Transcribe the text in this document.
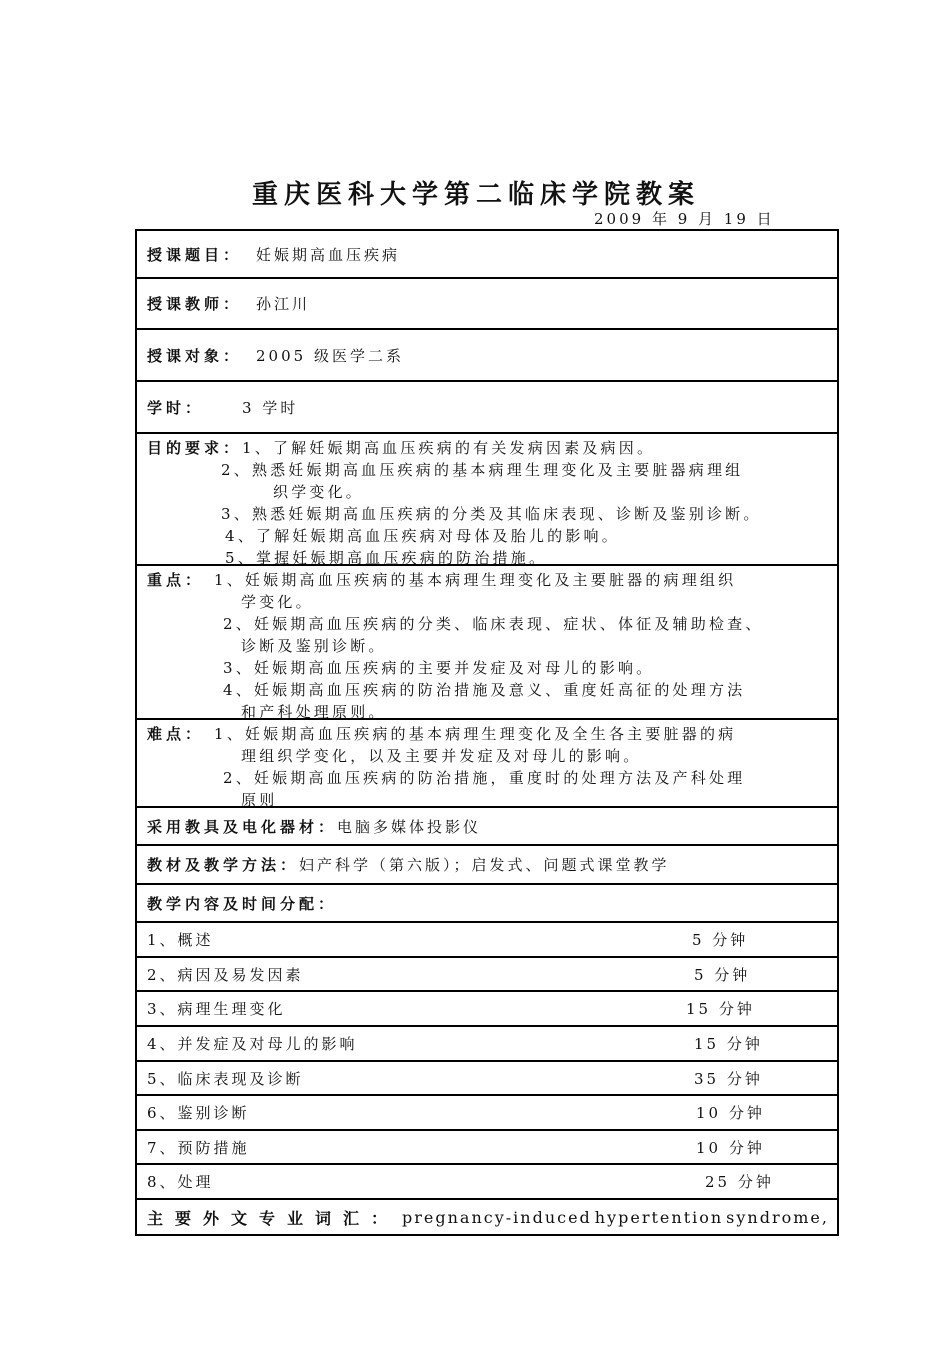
重庆医科大学第二临床学院教案
2009 年 9 月 19 日
授课题目： 妊娠期高血压疾病
授课教师： 孙江川
授课对象： 2005 级医学二系
学时：	3 学时
目的要求：1、了解妊娠期高血压疾病的有关发病因素及病因。
2、熟悉妊娠期高血压疾病的基本病理生理变化及主要脏器病理组
织学变化。
3、熟悉妊娠期高血压疾病的分类及其临床表现、诊断及鉴别诊断。
4、了解妊娠期高血压疾病对母体及胎儿的影响。
5、掌握妊娠期高血压疾病的防治措施。
重点： 1、妊娠期高血压疾病的基本病理生理变化及主要脏器的病理组织
学变化。
2、妊娠期高血压疾病的分类、临床表现、症状、体征及辅助检查、
诊断及鉴别诊断。
3、妊娠期高血压疾病的主要并发症及对母儿的影响。
4、妊娠期高血压疾病的防治措施及意义、重度妊高征的处理方法
和产科处理原则。
难点： 1、妊娠期高血压疾病的基本病理生理变化及全生各主要脏器的病
理组织学变化，以及主要并发症及对母儿的影响。
2、妊娠期高血压疾病的防治措施，重度时的处理方法及产科处理
原则
采用教具及电化器材： 电脑多媒体投影仪
教材及教学方法： 妇产科学（第六版）；启发式、问题式课堂教学
教学内容及时间分配：
1、概述	5 分钟
2、病因及易发因素	5 分钟
3、病理生理变化	15 分钟
4、并发症及对母儿的影响	15 分钟
5、临床表现及诊断	35 分钟
6、鉴别诊断	10 分钟
7、预防措施	10 分钟
8、处理	25 分钟
主要外文专业词汇： pregnancy-induced hypertention syndrome,
